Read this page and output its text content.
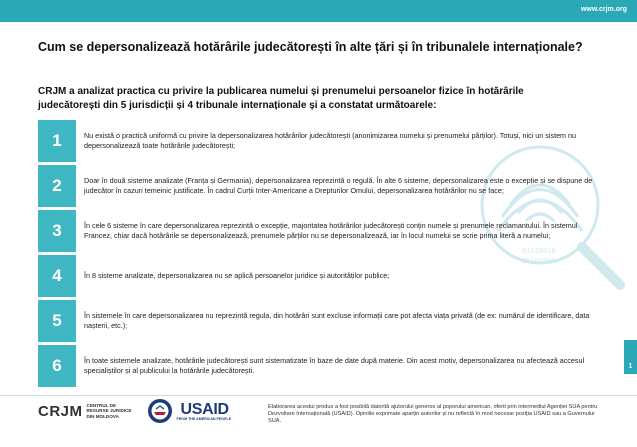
www.crjm.org
Cum se depersonalizează hotărârile judecătorești în alte țări și în tribunalele internaționale?
CRJM a analizat practica cu privire la publicarea numelui și prenumelui persoanelor fizice în hotărârile judecătorești din 5 jurisdicții și 4 tribunale internaționale și a constatat următoarele:
01010010
00101001
1	Nu există o practică uniformă cu privire la depersonalizarea hotărârilor judecătorești (anonimizarea numelui și prenumelui părților). Totuși, nici un sistem nu depersonalizează toate hotărârile judecătorești;
2	Doar în două sisteme analizate (Franța și Germania), depersonalizarea reprezintă o regulă. În alte 6 sisteme, depersonalizarea este o excepție și se dispune de judecător în cazuri temeinic justificate. În cadrul Curții Inter-Americane a Drepturilor Omului, depersonalizarea hotărârilor nu se face;
3	În cele 6 sisteme în care depersonalizarea reprezintă o excepție, majoritatea hotărârilor judecătorești conțin numele și prenumele reclamantului. În sistemul Francez, chiar dacă hotărârile se depersonalizează, prenumele părților nu se depersonalizează, iar în locul numelui se scrie prima literă a numelui;
4	În 8 sisteme analizate, depersonalizarea nu se aplică persoanelor juridice și autorităților publice;
5	În sistemele în care depersonalizarea nu reprezintă regula, din hotărâri sunt excluse informații care pot afecta viața privată (de ex: numărul de identificare, data nașterii, etc.);
6	În toate sistemele analizate, hotărârile judecătorești sunt sistematizate în baze de date după materie. Din acest motiv, depersonalizarea nu afectează accesul specialiștilor și al publicului la hotărârile judecătorești.	1
CRJM CENTRUL DE RESURSE JURIDICE DIN MOLDOVA	USAID
FROM THE AMERICAN PEOPLE
Elaborarea acestui produs a fost posibilă datorită ajutorului generos al poporului american, oferit prin intermediul Agenției SUA pentru Dezvoltare Internațională (USAID). Opiniile exprimate aparțin autorilor și nu reflectă în mod necesar poziția USAID sau a Guvernului SUA.
